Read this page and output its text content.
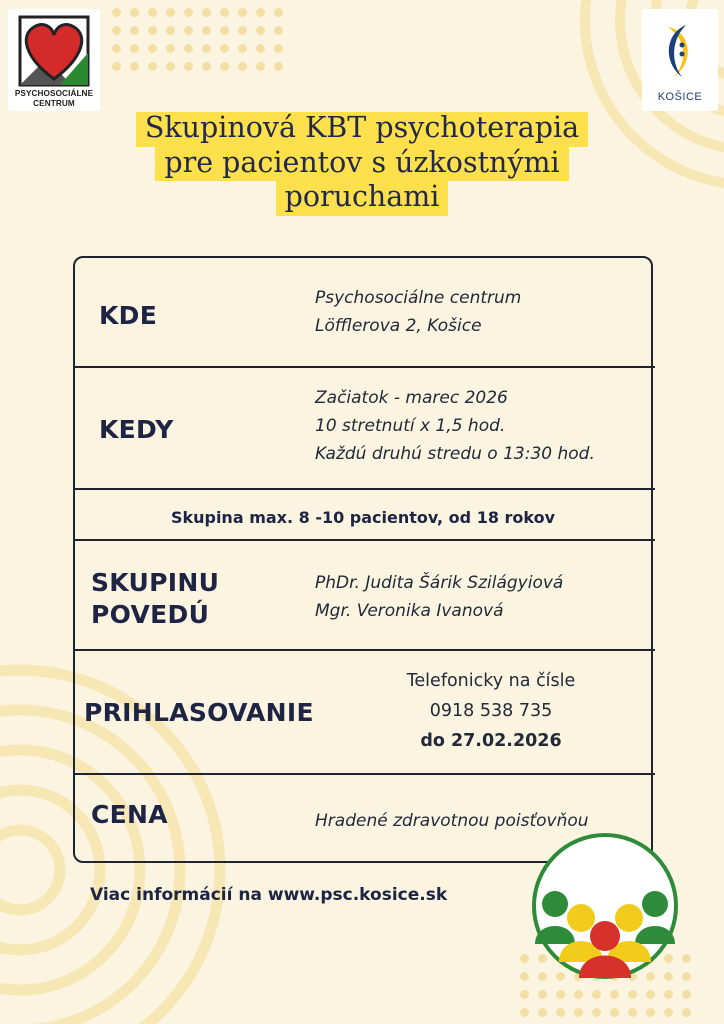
PSYCHOSOCIÁLNE
CENTRUM
KOŠICE
Skupinová KBT psychoterapia
pre pacientov s úzkostnými
poruchami
KDE
Psychosociálne centrum
Löfflerova 2, Košice
KEDY
Začiatok - marec 2026
10 stretnutí x 1,5 hod.
Každú druhú stredu o 13:30 hod.
Skupina max. 8 -10 pacientov, od 18 rokov
SKUPINU
POVEDÚ
PhDr. Judita Šárik Szilágyiová
Mgr. Veronika Ivanová
PRIHLASOVANIE
Telefonicky na čísle
0918 538 735
do 27.02.2026
CENA	Hradené zdravotnou poisťovňou
Viac informácií na www.psc.kosice.sk
